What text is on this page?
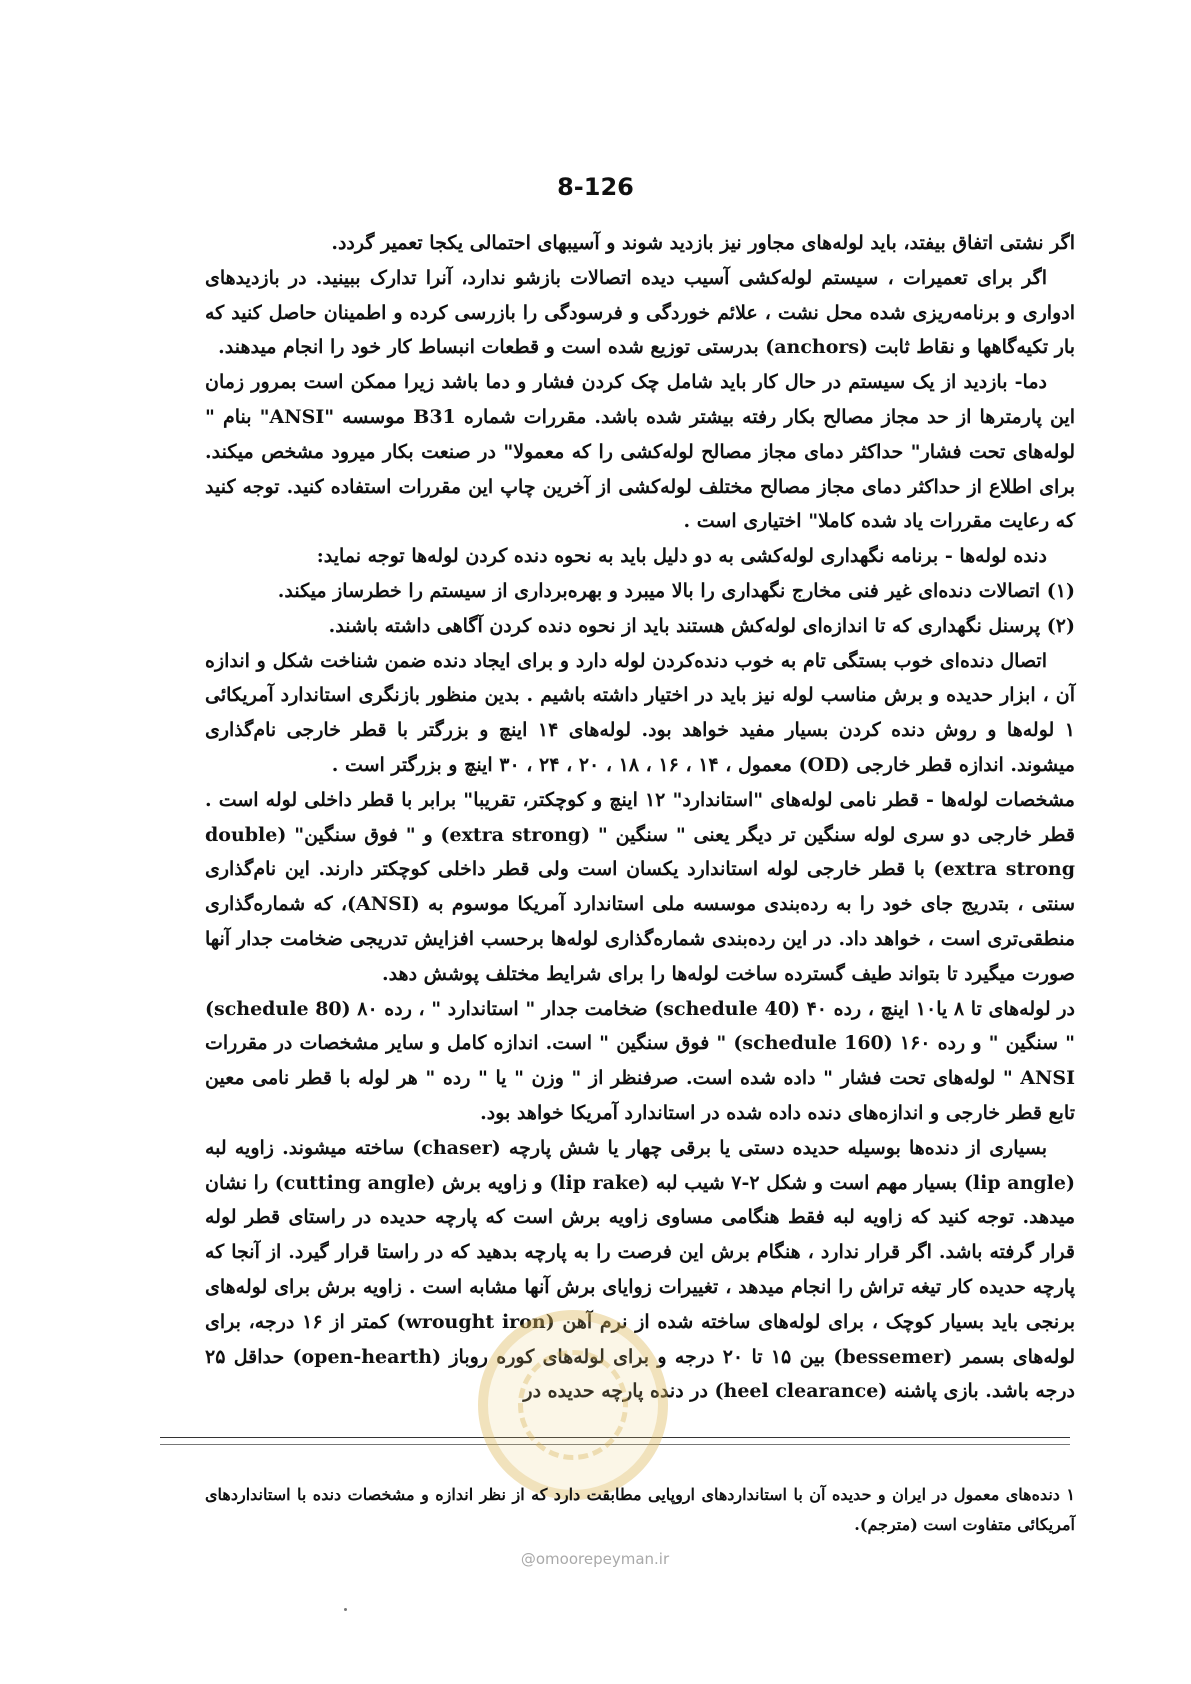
8-126

اگر نشتی اتفاق بیفتد، باید لوله‌های مجاور نیز بازدید شوند و آسیبهای احتمالی یکجا تعمیر گردد.

اگر برای تعمیرات ، سیستم لوله‌کشی آسیب دیده اتصالات بازشو ندارد، آنرا تدارک ببینید. در بازدیدهای ادواری و برنامه‌ریزی شده محل نشت ، علائم خوردگی و فرسودگی را بازرسی کرده و اطمینان حاصل کنید که بار تکیه‌گاهها و نقاط ثابت (anchors) بدرستی توزیع شده است و قطعات انبساط کار خود را انجام میدهند.

دما- بازدید از یک سیستم در حال کار باید شامل چک کردن فشار و دما باشد زیرا ممکن است بمرور زمان این پارمترها از حد مجاز مصالح بکار رفته بیشتر شده باشد. مقررات شماره B31 موسسه "ANSI" بنام " لوله‌های تحت فشار" حداکثر دمای مجاز مصالح لوله‌کشی را که معمولا" در صنعت بکار میرود مشخص میکند. برای اطلاع از حداکثر دمای مجاز مصالح مختلف لوله‌کشی از آخرین چاپ این مقررات استفاده کنید. توجه کنید که رعایت مقررات یاد شده کاملا" اختیاری است .

دنده لوله‌ها - برنامه نگهداری لوله‌کشی به دو دلیل باید به نحوه دنده کردن لوله‌ها توجه نماید:

(۱) اتصالات دنده‌ای غیر فنی مخارج نگهداری را بالا میبرد و بهره‌برداری از سیستم را خطرساز میکند.

(۲) پرسنل نگهداری که تا اندازه‌ای لوله‌کش هستند باید از نحوه دنده کردن آگاهی داشته باشند.

اتصال دنده‌ای خوب بستگی تام به خوب دنده‌کردن لوله دارد و برای ایجاد دنده ضمن شناخت شکل و اندازه آن ، ابزار حدیده و برش مناسب لوله نیز باید در اختیار داشته باشیم . بدین منظور بازنگری استاندارد آمریکائی ۱ لوله‌ها و روش دنده کردن بسیار مفید خواهد بود. لوله‌های ۱۴ اینچ و بزرگتر با قطر خارجی نام‌گذاری میشوند. اندازه قطر خارجی (OD) معمول ، ۱۴ ، ۱۶ ، ۱۸ ، ۲۰ ، ۲۴ ، ۳۰ اینچ و بزرگتر است .

مشخصات لوله‌ها - قطر نامی لوله‌های "استاندارد" ۱۲ اینچ و کوچکتر، تقریبا" برابر با قطر داخلی لوله است . قطر خارجی دو سری لوله سنگین تر دیگر یعنی " سنگین " (extra strong) و " فوق سنگین" (double extra strong) با قطر خارجی لوله استاندارد یکسان است ولی قطر داخلی کوچکتر دارند. این نام‌گذاری سنتی ، بتدریج جای خود را به رده‌بندی موسسه ملی استاندارد آمریکا موسوم به (ANSI)، که شماره‌گذاری منطقی‌تری است ، خواهد داد. در این رده‌بندی شماره‌گذاری لوله‌ها برحسب افزایش تدریجی ضخامت جدار آنها صورت میگیرد تا بتواند طیف گسترده ساخت لوله‌ها را برای شرایط مختلف پوشش دهد.

در لوله‌های تا ۸ یا۱۰ اینچ ، رده ۴۰ (schedule 40) ضخامت جدار " استاندارد " ، رده ۸۰ (schedule 80) " سنگین " و رده ۱۶۰ (schedule 160) " فوق سنگین " است. اندازه کامل و سایر مشخصات در مقررات ANSI " لوله‌های تحت فشار " داده شده است. صرفنظر از " وزن " یا " رده " هر لوله با قطر نامی معین تابع قطر خارجی و اندازه‌های دنده داده شده در استاندارد آمریکا خواهد بود.

بسیاری از دنده‌ها بوسیله حدیده دستی یا برقی چهار یا شش پارچه (chaser) ساخته میشوند. زاویه لبه (lip angle) بسیار مهم است و شکل ۲-۷ شیب لبه (lip rake) و زاویه برش (cutting angle) را نشان میدهد. توجه کنید که زاویه لبه فقط هنگامی مساوی زاویه برش است که پارچه حدیده در راستای قطر لوله قرار گرفته باشد. اگر قرار ندارد ، هنگام برش این فرصت را به پارچه بدهید که در راستا قرار گیرد. از آنجا که پارچه حدیده کار تیغه تراش را انجام میدهد ، تغییرات زوایای برش آنها مشابه است . زاویه برش برای لوله‌های برنجی باید بسیار کوچک ، برای لوله‌های ساخته شده از نرم آهن (wrought iron) کمتر از ۱۶ درجه، برای لوله‌های بسمر (bessemer) بین ۱۵ تا ۲۰ درجه و برای لوله‌های کوره روباز (open-hearth) حداقل ۲۵ درجه باشد. بازی پاشنه (heel clearance) در دنده پارچه حدیده در

۱ دنده‌های معمول در ایران و حدیده آن با استانداردهای اروپایی مطابقت دارد که از نظر اندازه و مشخصات دنده با استانداردهای آمریکائی متفاوت است (مترجم).
@omoorepeyman.ir
